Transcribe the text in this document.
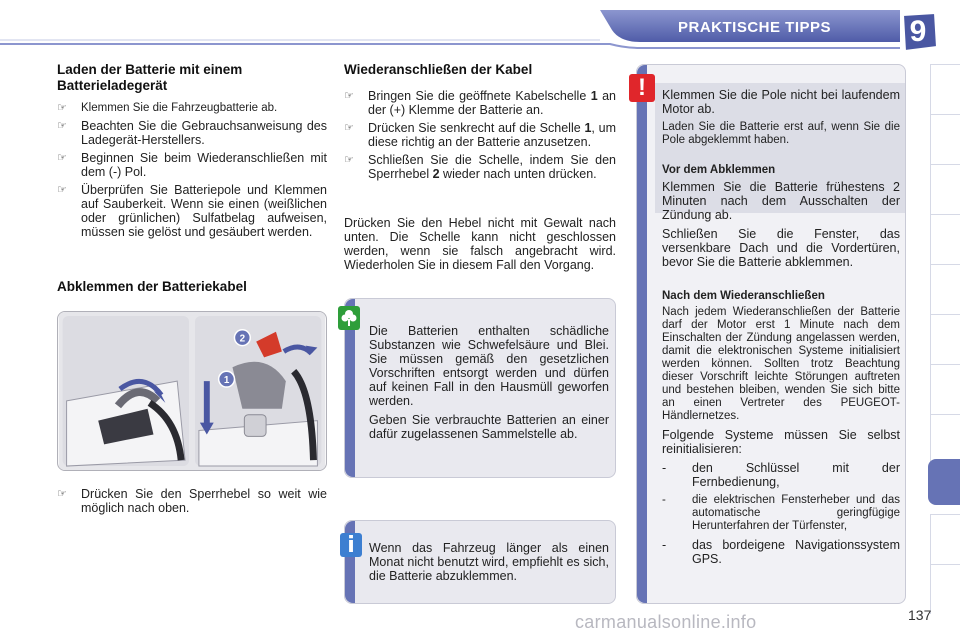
PRAKTISCHE TIPPS	9
Laden der Batterie mit einem Batterieladegerät
☞ Klemmen Sie die Fahrzeugbatterie ab.
☞ Beachten Sie die Gebrauchsanweisung des Ladegerät-Herstellers.
☞ Beginnen Sie beim Wiederanschließen mit dem (-) Pol.
☞ Überprüfen Sie Batteriepole und Klemmen auf Sauberkeit. Wenn sie einen (weißlichen oder grünlichen) Sulfatbelag aufweisen, müssen sie gelöst und gesäubert werden.
Abklemmen der Batteriekabel
2
1
☞ Drücken Sie den Sperrhebel so weit wie möglich nach oben.
Wiederanschließen der Kabel
☞ Bringen Sie die geöffnete Kabelschelle 1 an der (+) Klemme der Batterie an.
☞ Drücken Sie senkrecht auf die Schelle 1, um diese richtig an der Batterie anzusetzen.
☞ Schließen Sie die Schelle, indem Sie den Sperrhebel 2 wieder nach unten drücken.
Drücken Sie den Hebel nicht mit Gewalt nach unten. Die Schelle kann nicht geschlossen werden, wenn sie falsch angebracht wird. Wiederholen Sie in diesem Fall den Vorgang.

Die Batterien enthalten schädliche Substanzen wie Schwefelsäure und Blei. Sie müssen gemäß den gesetzlichen Vorschriften entsorgt werden und dürfen auf keinen Fall in den Hausmüll geworfen werden.

Geben Sie verbrauchte Batterien an einer dafür zugelassenen Sammelstelle ab.

i	Wenn das Fahrzeug länger als einen Monat nicht benutzt wird, empfiehlt es sich, die Batterie abzuklemmen.
!	Klemmen Sie die Pole nicht bei laufendem Motor ab.

Laden Sie die Batterie erst auf, wenn Sie die Pole abgeklemmt haben.

Vor dem Abklemmen

Klemmen Sie die Batterie frühestens 2 Minuten nach dem Ausschalten der Zündung ab.

Schließen Sie die Fenster, das versenkbare Dach und die Vordertüren, bevor Sie die Batterie abklemmen.

Nach dem Wiederanschließen

Nach jedem Wiederanschließen der Batterie darf der Motor erst 1 Minute nach dem Einschalten der Zündung angelassen werden, damit die elektronischen Systeme initialisiert werden können. Sollten trotz Beachtung dieser Vorschrift leichte Störungen auftreten und bestehen bleiben, wenden Sie sich bitte an einen Vertreter des PEUGEOT-Händlernetzes.

Folgende Systeme müssen Sie selbst reinitialisieren:

- den Schlüssel mit der Fernbedienung,
- die elektrischen Fensterheber und das automatische geringfügige Herunterfahren der Türfenster,
- das bordeigene Navigationssystem GPS.
carmanualsonline.info	137
